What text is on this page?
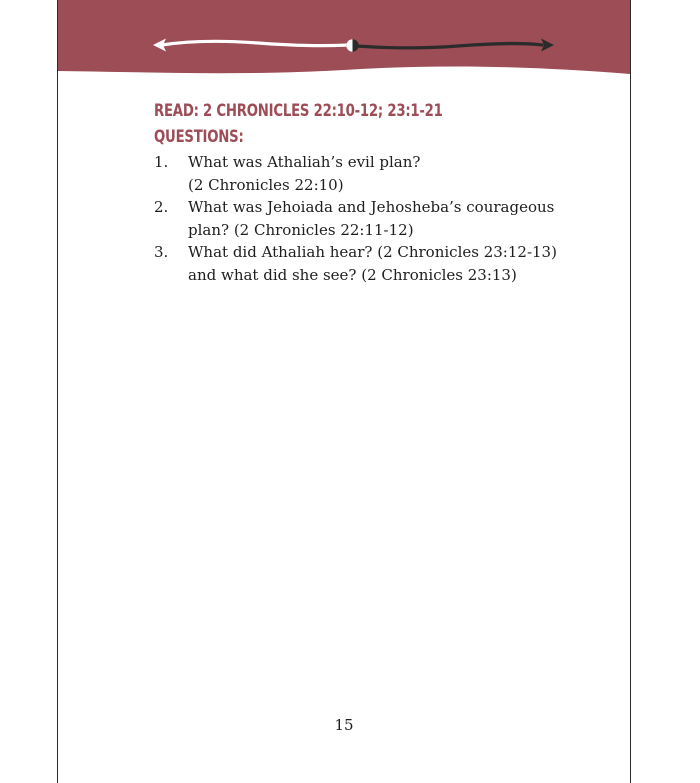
READ: 2 CHRONICLES 22:10-12; 23:1-21
QUESTIONS:
1.	What was Athaliah’s evil plan?
(2 Chronicles 22:10)
2.	What was Jehoiada and Jehosheba’s courageous
plan? (2 Chronicles 22:11-12)
3.	What did Athaliah hear? (2 Chronicles 23:12-13)
and what did she see? (2 Chronicles 23:13)
15
